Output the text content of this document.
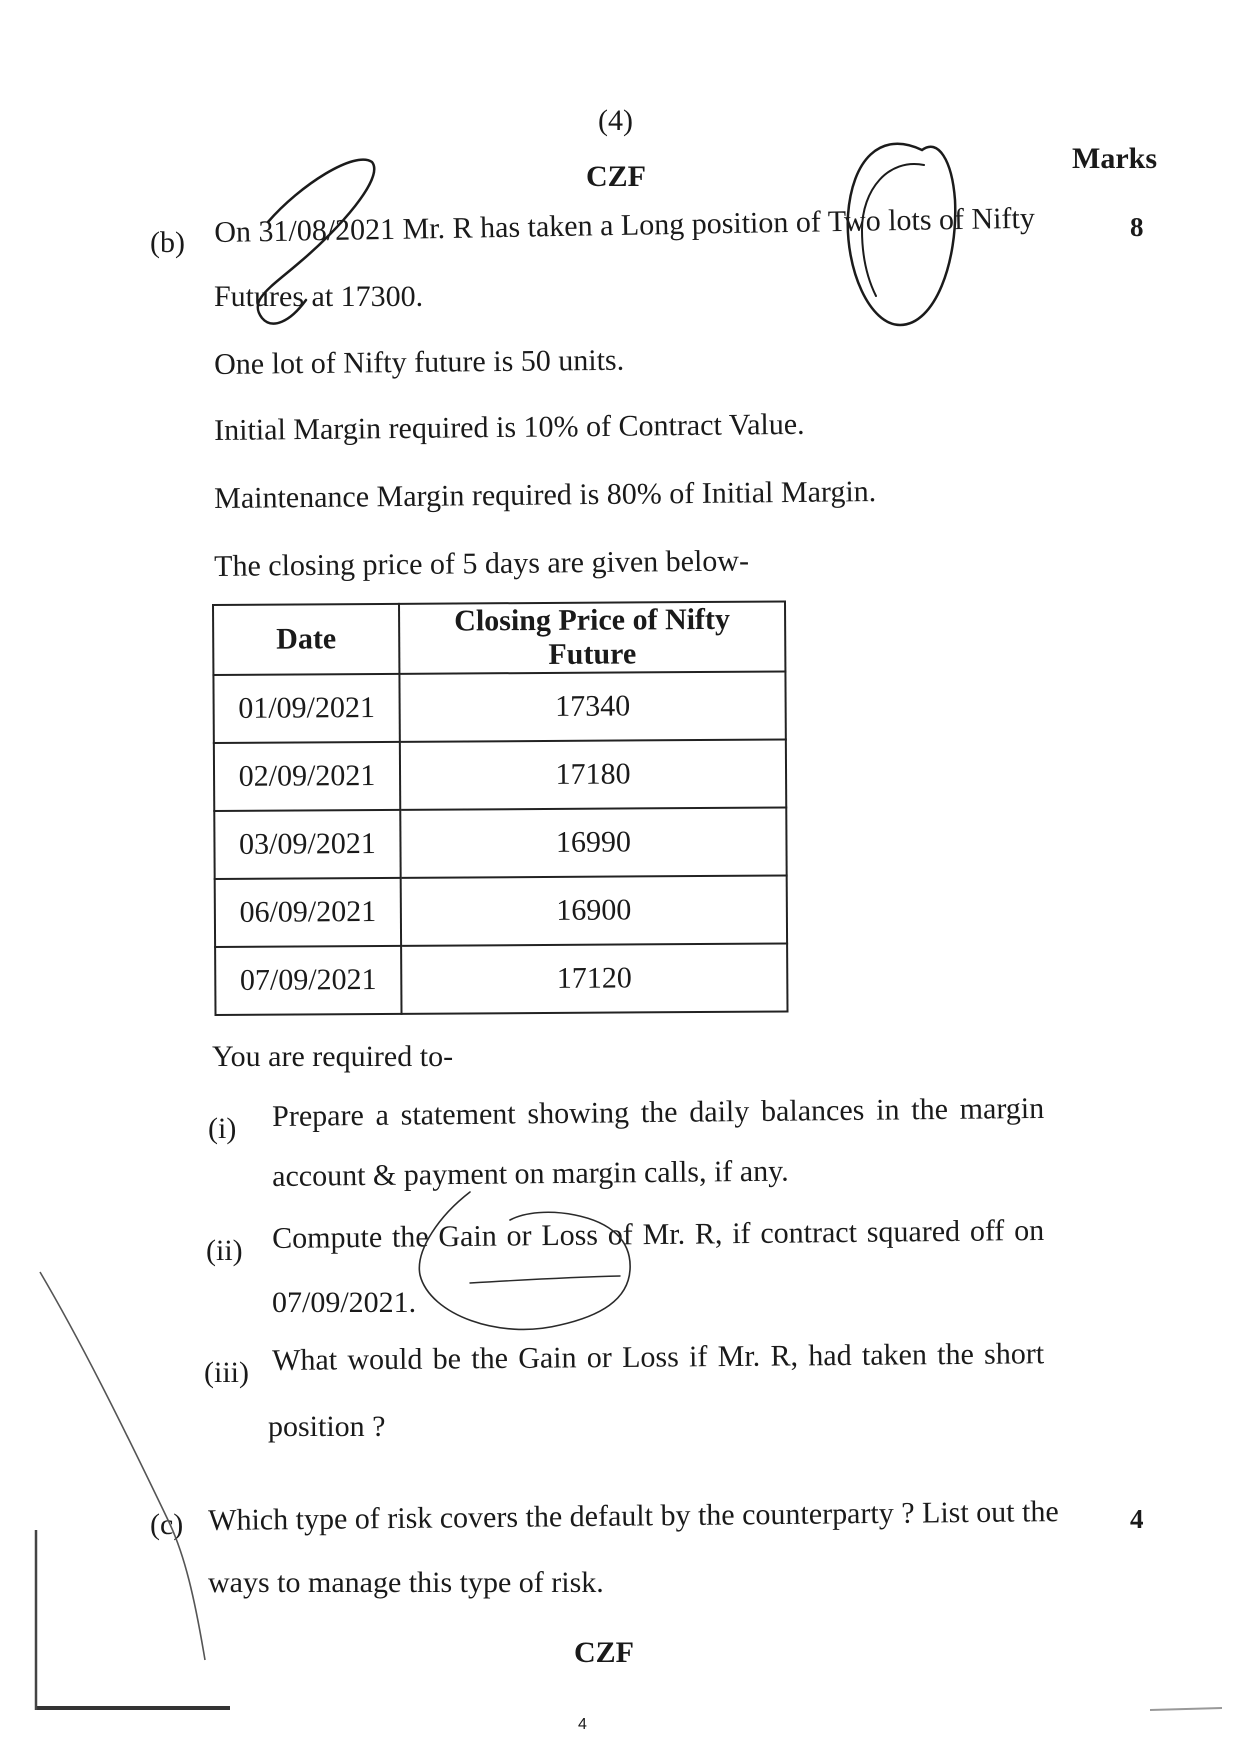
(4)
CZF
Marks
(b)	8
On 31/08/2021 Mr. R has taken a Long position of Two lots of Nifty
Futures at 17300.
One lot of Nifty future is 50 units.
Initial Margin required is 10% of Contract Value.
Maintenance Margin required is 80% of Initial Margin.
The closing price of 5 days are given below-
Date	Closing Price of Nifty Future
01/09/2021	17340
02/09/2021	17180
03/09/2021	16990
06/09/2021	16900
07/09/2021	17120
You are required to-
(i) Prepare a statement showing the daily balances in the margin
account & payment on margin calls, if any.
(ii) Compute the Gain or Loss of Mr. R, if contract squared off on
07/09/2021.
(iii) What would be the Gain or Loss if Mr. R, had taken the short
position ?
(c)	4
Which type of risk covers the default by the counterparty ? List out the
ways to manage this type of risk.
CZF
4
